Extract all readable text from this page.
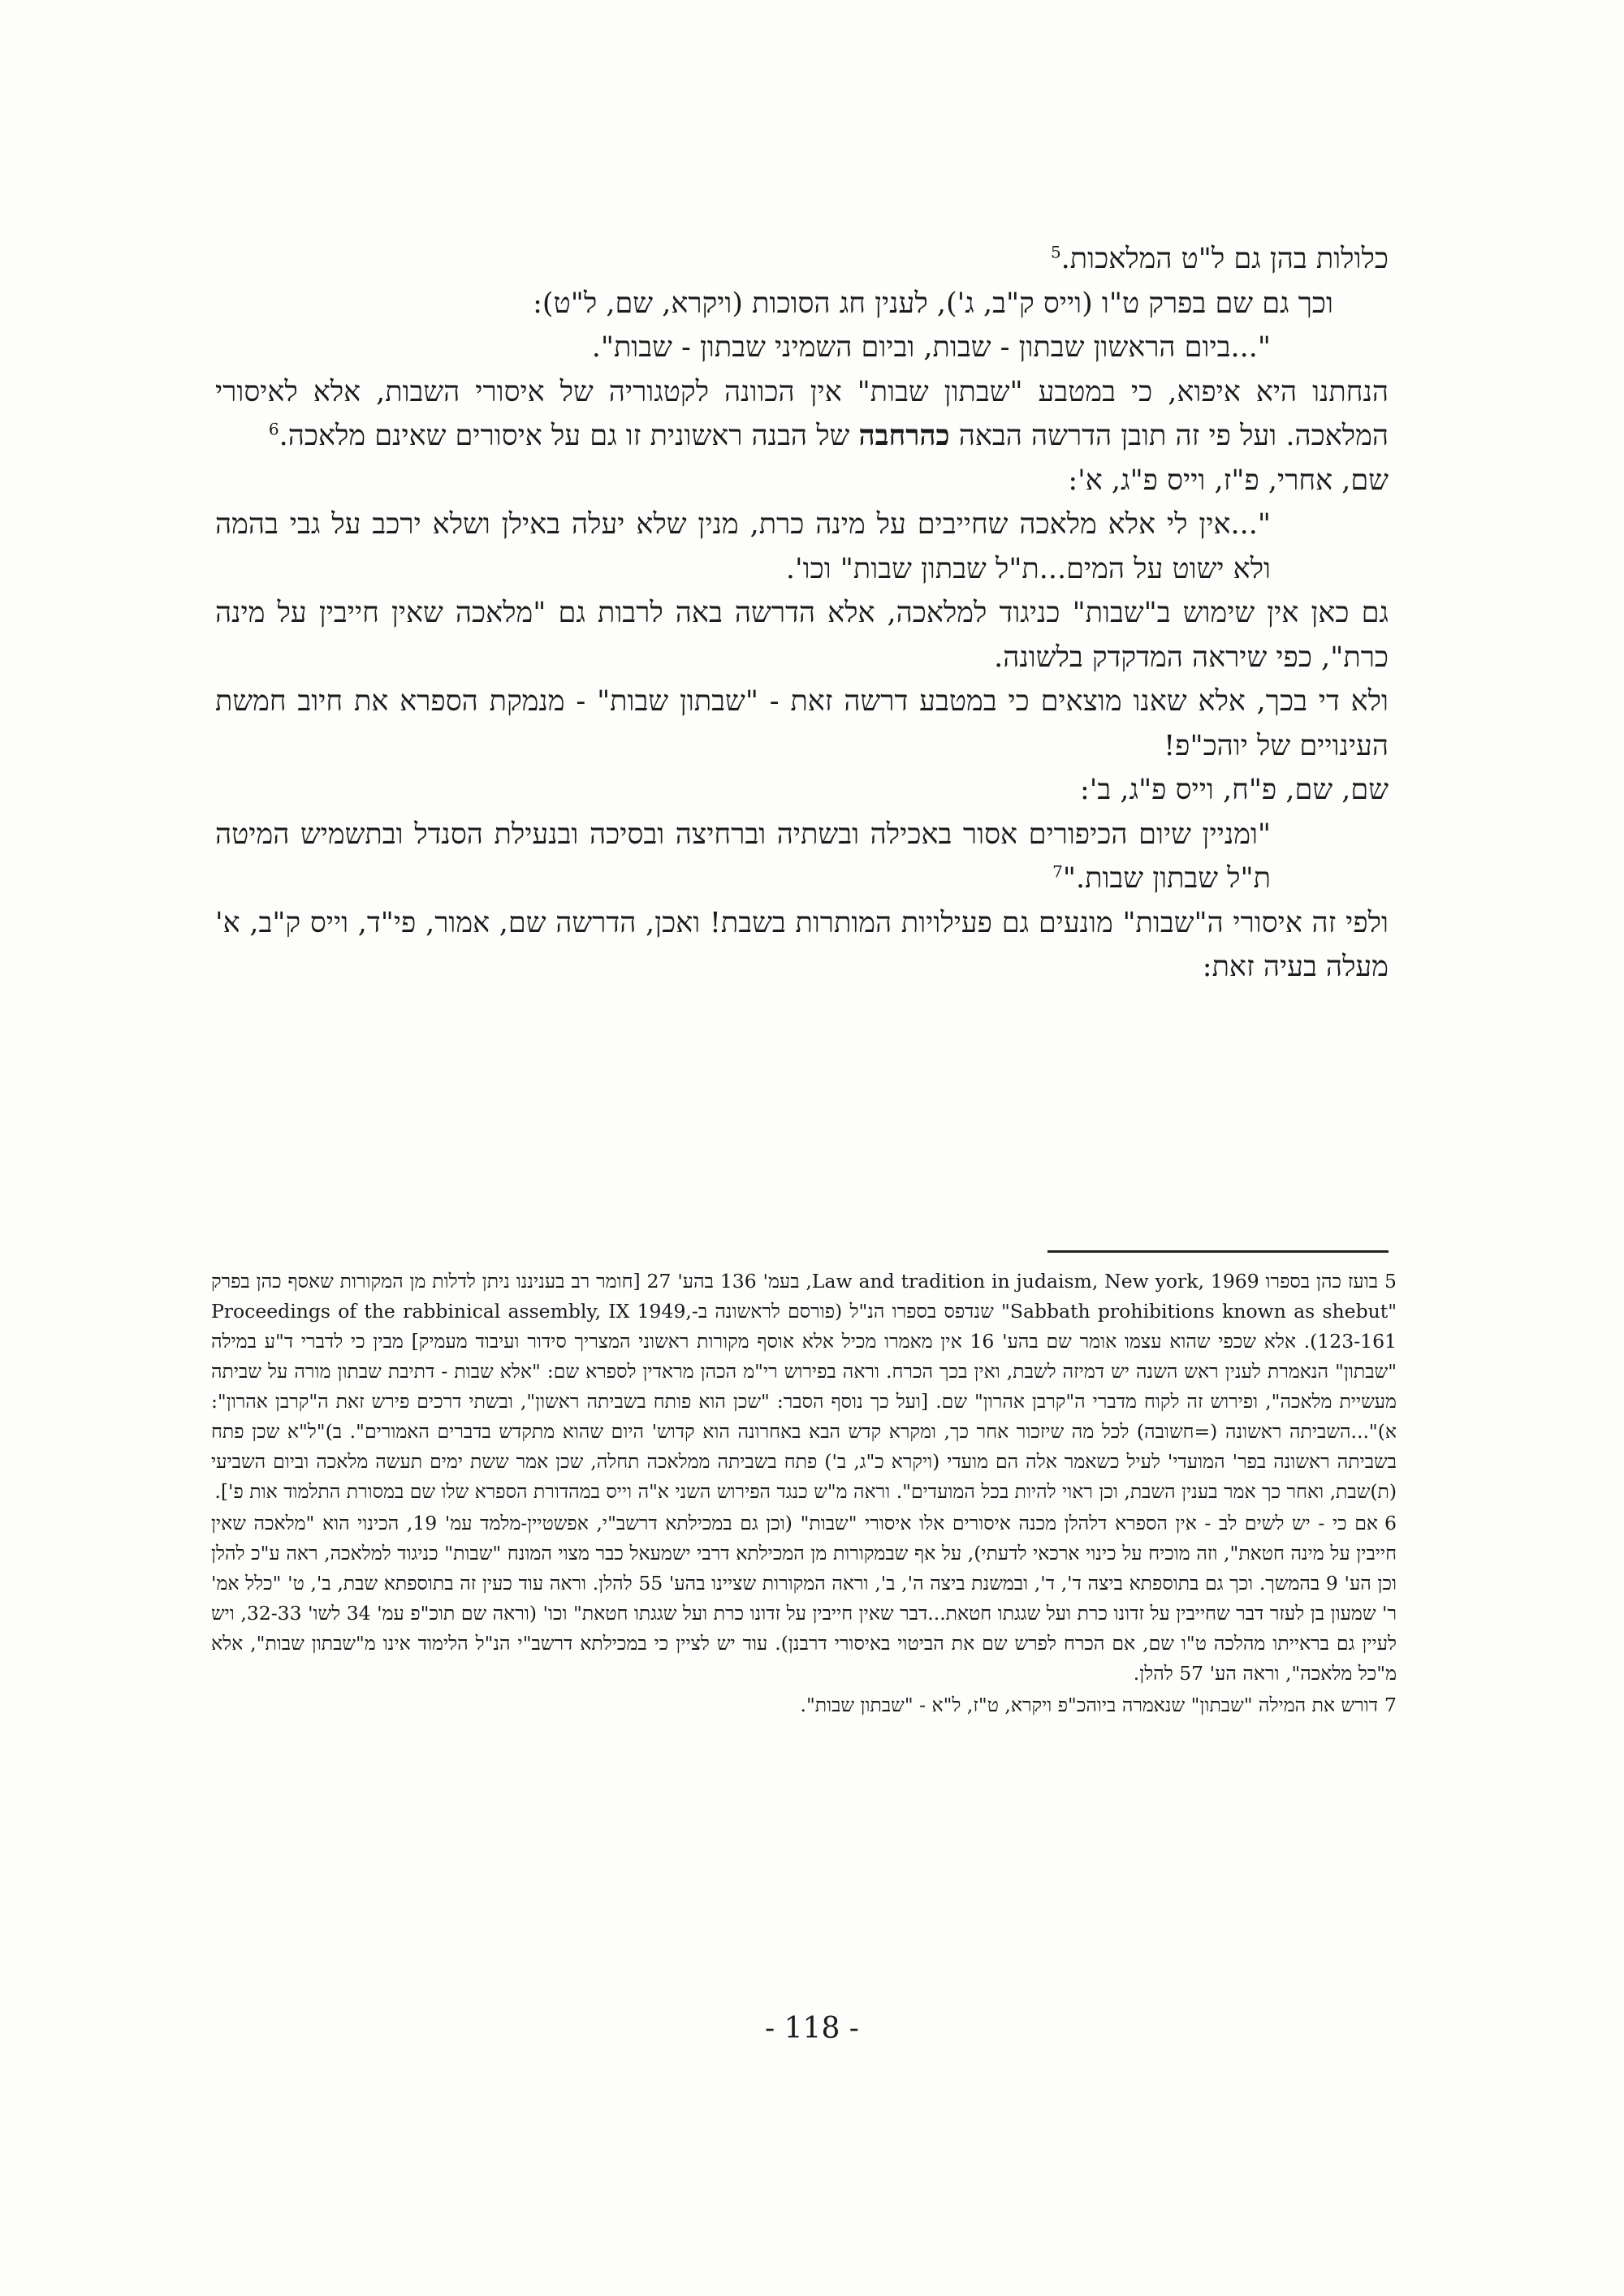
כלולות בהן גם ל"ט המלאכות.$^5$

וכך גם שם בפרק ט"ו (וייס ק"ב, ג'), לענין חג הסוכות (ויקרא, שם, ל"ט):

"...ביום הראשון שבתון - שבות, וביום השמיני שבתון - שבות".

הנחתנו היא איפוא, כי במטבע "שבתון שבות" אין הכוונה לקטגוריה של איסורי השבות, אלא לאיסורי המלאכה. ועל פי זה תובן הדרשה הבאה כהרחבה של הבנה ראשונית זו גם על איסורים שאינם מלאכה.$^6$

שם, אחרי, פ"ז, וייס פ"ג, א':

"...אין לי אלא מלאכה שחייבים על מינה כרת, מנין שלא יעלה באילן ושלא ירכב על גבי בהמה ולא ישוט על המים...ת"ל שבתון שבות" וכו'.

גם כאן אין שימוש ב"שבות" כניגוד למלאכה, אלא הדרשה באה לרבות גם "מלאכה שאין חייבין על מינה כרת", כפי שיראה המדקדק בלשונה.

ולא די בכך, אלא שאנו מוצאים כי במטבע דרשה זאת - "שבתון שבות" - מנמקת הספרא את חיוב חמשת העינויים של יוהכ"פ!

שם, שם, פ"ח, וייס פ"ג, ב':

"ומניין שיום הכיפורים אסור באכילה ובשתיה וברחיצה ובסיכה ובנעילת הסנדל ובתשמיש המיטה ת"ל שבתון שבות."$^7$

ולפי זה איסורי ה"שבות" מונעים גם פעילויות המותרות בשבת! ואכן, הדרשה שם, אמור, פי"ד, וייס ק"ב, א' מעלה בעיה זאת:

5בועז כהן בספרו Law and tradition in judaism, New york, 1969, בעמ' 136 בהע' 27 [חומר רב בעניננו ניתן לדלות מן המקורות שאסף כהן בפרק "Sabbath prohibitions known as shebut" שנדפס בספרו הנ"ל (פורסם לראשונה ב-Proceedings of the rabbinical assembly, IX 1949, 123-161). אלא שכפי שהוא עצמו אומר שם בהע' 16 אין מאמרו מכיל אלא אוסף מקורות ראשוני המצריך סידור ועיבוד מעמיק] מבין כי לדברי ד"ע במילה "שבתון" הנאמרת לענין ראש השנה יש דמיזה לשבת, ואין בכך הכרח. וראה בפירוש רי"מ הכהן מראדין לספרא שם: "אלא שבות - דתיבת שבתון מורה על שביתה מעשיית מלאכה", ופירוש זה לקוח מדברי ה"קרבן אהרון" שם. [ועל כך נוסף הסבר: "שכן הוא פותח בשביתה ראשון", ובשתי דרכים פירש זאת ה"קרבן אהרון": א)"...השביתה ראשונה (=חשובה) לכל מה שיזכור אחר כך, ומקרא קדש הבא באחרונה הוא קדוש' היום שהוא מתקדש בדברים האמורים". ב)"ל"א שכן פתח בשביתה ראשונה בפר' המועדי' לעיל כשאמר אלה הם מועדי (ויקרא כ"ג, ב') פתח בשביתה ממלאכה תחלה, שכן אמר ששת ימים תעשה מלאכה וביום השביעי (ת)שבת, ואחר כך אמר בענין השבת, וכן ראוי להיות בכל המועדים". וראה מ"ש כנגד הפירוש השני א"ה וייס במהדורת הספרא שלו שם במסורת התלמוד אות פ'].

6אם כי - יש לשים לב - אין הספרא דלהלן מכנה איסורים אלו איסורי "שבות" (וכן גם במכילתא דרשב"י, אפשטיין-מלמד עמ' 19, הכינוי הוא "מלאכה שאין חייבין על מינה חטאת", וזה מוכיח על כינוי ארכאי לדעתי), על אף שבמקורות מן המכילתא דרבי ישמעאל כבר מצוי המונח "שבות" כניגוד למלאכה, ראה ע"כ להלן וכן הע' 9 בהמשך. וכך גם בתוספתא ביצה ד', ד', ובמשנת ביצה ה', ב', וראה המקורות שציינו בהע' 55 להלן. וראה עוד כעין זה בתוספתא שבת, ב', ט' "כלל אמ' ר' שמעון בן לעזר דבר שחייבין על זדונו כרת ועל שגגתו חטאת...דבר שאין חייבין על זדונו כרת ועל שגגתו חטאת" וכו' (וראה שם תוכ"פ עמ' 34 לשו' 32-33, ויש לעיין גם בראייתו מהלכה ט"ו שם, אם הכרח לפרש שם את הביטוי באיסורי דרבנן). עוד יש לציין כי במכילתא דרשב"י הנ"ל הלימוד אינו מ"שבתון שבות", אלא מ"כל מלאכה", וראה הע' 57 להלן.

7דורש את המילה "שבתון" שנאמרה ביוהכ"פ ויקרא, ט"ז, ל"א - "שבתון שבות".

- 118 -
